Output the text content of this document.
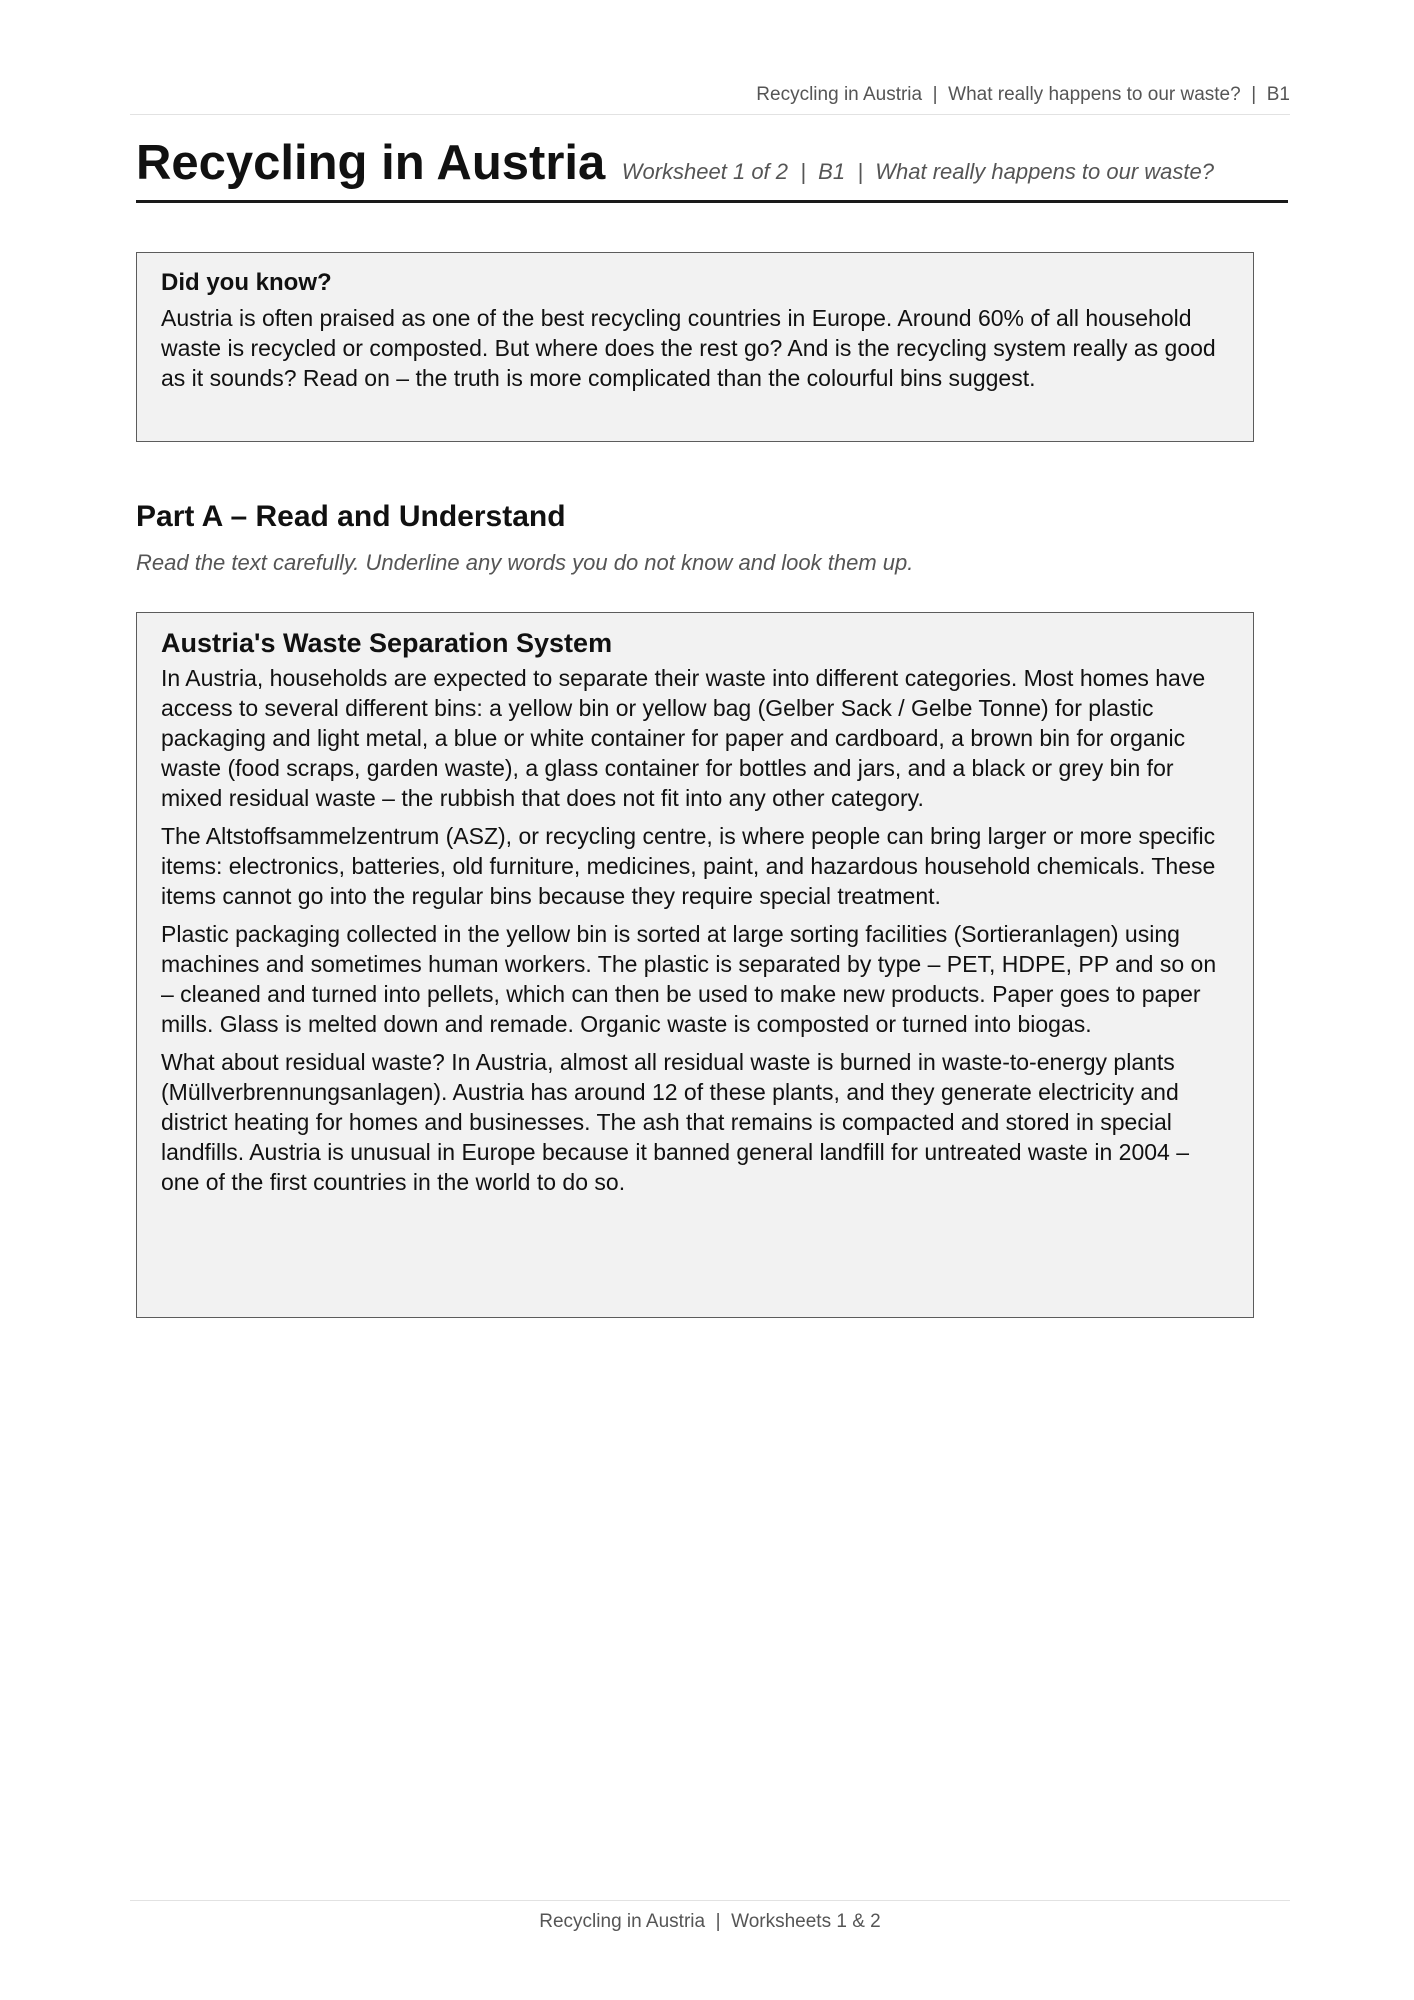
Recycling in Austria  |  What really happens to our waste?  |  B1
Recycling in Austria Worksheet 1 of 2  |  B1  |  What really happens to our waste?
Did you know?

Austria is often praised as one of the best recycling countries in Europe. Around 60% of all household waste is recycled or composted. But where does the rest go? And is the recycling system really as good as it sounds? Read on – the truth is more complicated than the colourful bins suggest.

Part A – Read and Understand

Read the text carefully. Underline any words you do not know and look them up.

Austria's Waste Separation System

In Austria, households are expected to separate their waste into different categories. Most homes have access to several different bins: a yellow bin or yellow bag (Gelber Sack / Gelbe Tonne) for plastic packaging and light metal, a blue or white container for paper and cardboard, a brown bin for organic waste (food scraps, garden waste), a glass container for bottles and jars, and a black or grey bin for mixed residual waste – the rubbish that does not fit into any other category.

The Altstoffsammelzentrum (ASZ), or recycling centre, is where people can bring larger or more specific items: electronics, batteries, old furniture, medicines, paint, and hazardous household chemicals. These items cannot go into the regular bins because they require special treatment.

Plastic packaging collected in the yellow bin is sorted at large sorting facilities (Sortieranlagen) using machines and sometimes human workers. The plastic is separated by type – PET, HDPE, PP and so on – cleaned and turned into pellets, which can then be used to make new products. Paper goes to paper mills. Glass is melted down and remade. Organic waste is composted or turned into biogas.

What about residual waste? In Austria, almost all residual waste is burned in waste-to-energy plants (Müllverbrennungsanlagen). Austria has around 12 of these plants, and they generate electricity and district heating for homes and businesses. The ash that remains is compacted and stored in special landfills. Austria is unusual in Europe because it banned general landfill for untreated waste in 2004 – one of the first countries in the world to do so.

Recycling in Austria  |  Worksheets 1 & 2
